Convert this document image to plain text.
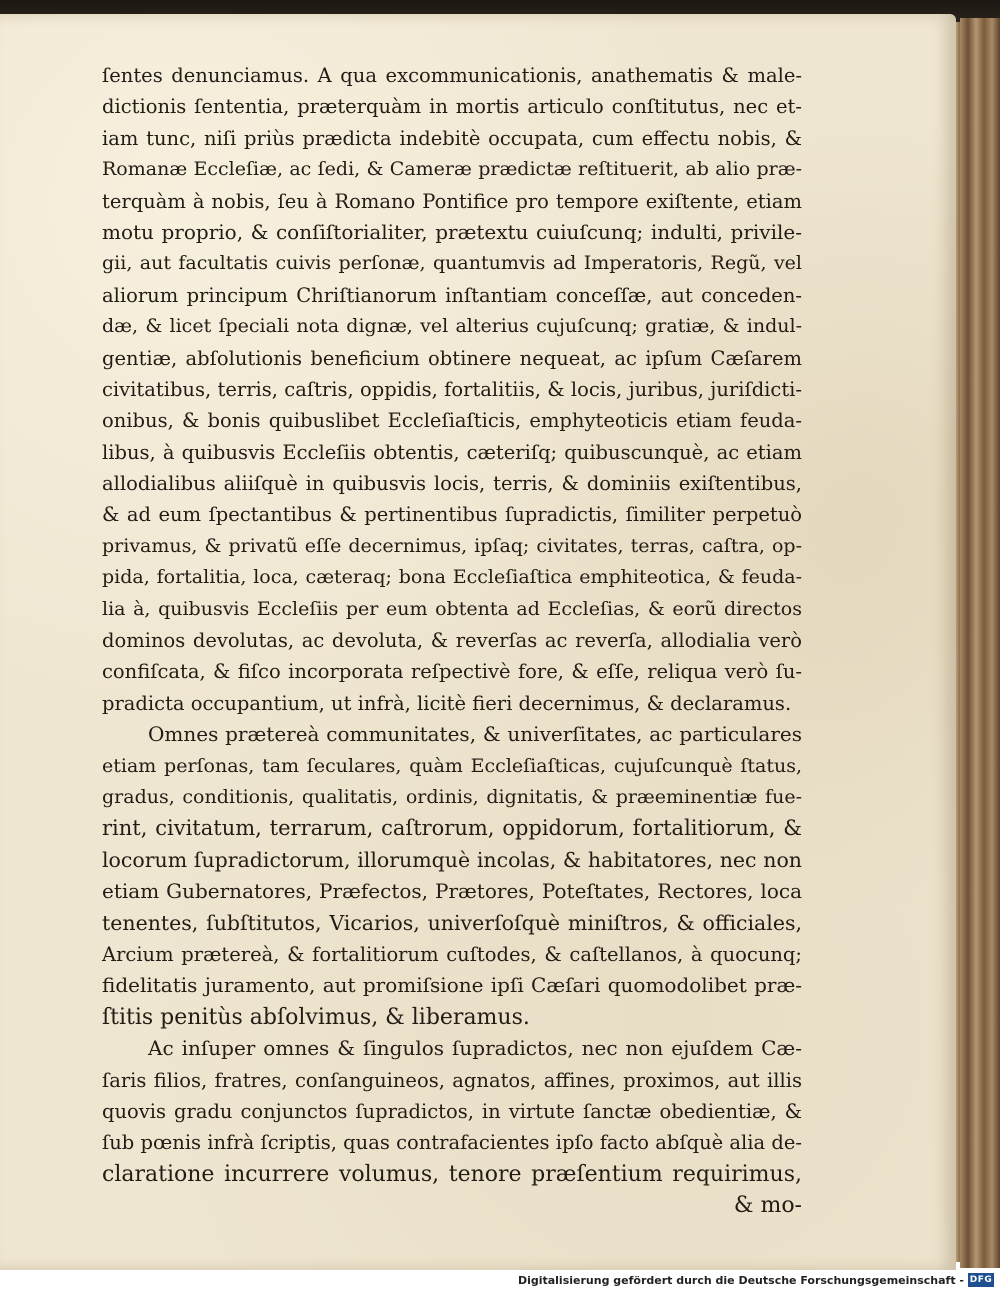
ſentes denunciamus. A qua excommunicationis, anathematis & male-
dictionis ſententia, præterquàm in mortis articulo conſtitutus, nec et-
iam tunc, niſi priùs prædicta indebitè occupata, cum effectu nobis, &
Romanæ Eccleſiæ, ac ſedi, & Cameræ prædictæ reſtituerit, ab alio præ-
terquàm à nobis, ſeu à Romano Pontifice pro tempore exiſtente, etiam
motu proprio, & conſiſtorialiter, prætextu cuiuſcunq; indulti, privile-
gii, aut facultatis cuivis perſonæ, quantumvis ad Imperatoris, Regũ, vel
aliorum principum Chriſtianorum inſtantiam conceſſæ, aut conceden-
dæ, & licet ſpeciali nota dignæ, vel alterius cujuſcunq; gratiæ, & indul-
gentiæ, abſolutionis beneficium obtinere nequeat, ac ipſum Cæſarem
civitatibus, terris, caſtris, oppidis, fortalitiis, & locis, juribus, juriſdicti-
onibus, & bonis quibuslibet Eccleſiaſticis, emphyteoticis etiam feuda-
libus, à quibusvis Eccleſiis obtentis, cæteriſq; quibuscunquè, ac etiam
allodialibus aliiſquè in quibusvis locis, terris, & dominiis exiſtentibus,
& ad eum ſpectantibus & pertinentibus ſupradictis, ſimiliter perpetuò
privamus, & privatũ eſſe decernimus, ipſaq; civitates, terras, caſtra, op-
pida, fortalitia, loca, cæteraq; bona Eccleſiaſtica emphiteotica, & feuda-
lia à, quibusvis Eccleſiis per eum obtenta ad Eccleſias, & eorũ directos
dominos devolutas, ac devoluta, & reverſas ac reverſa, allodialia verò
confiſcata, & fiſco incorporata reſpectivè fore, & eſſe, reliqua verò ſu-
pradicta occupantium, ut infrà, licitè fieri decernimus, & declaramus.
Omnes prætereà communitates, & univerſitates, ac particulares
etiam perſonas, tam ſeculares, quàm Eccleſiaſticas, cujuſcunquè ſtatus,
gradus, conditionis, qualitatis, ordinis, dignitatis, & præeminentiæ fue-
rint, civitatum, terrarum, caſtrorum, oppidorum, fortalitiorum, &
locorum ſupradictorum, illorumquè incolas, & habitatores, nec non
etiam Gubernatores, Præfectos, Prætores, Poteſtates, Rectores, loca
tenentes, ſubſtitutos, Vicarios, univerſoſquè miniſtros, & officiales,
Arcium prætereà, & fortalitiorum cuſtodes, & caſtellanos, à quocunq;
fidelitatis juramento, aut promiſsione ipſi Cæſari quomodolibet præ-
ſtitis penitùs abſolvimus, & liberamus.
Ac inſuper omnes & ſingulos ſupradictos, nec non ejuſdem Cæ-
ſaris filios, fratres, conſanguineos, agnatos, affines, proximos, aut illis
quovis gradu conjunctos ſupradictos, in virtute ſanctæ obedientiæ, &
ſub pœnis infrà ſcriptis, quas contrafacientes ipſo facto abſquè alia de-
claratione incurrere volumus, tenore præſentium requirimus,
& mo-
Digitalisierung gefördert durch die Deutsche Forschungsgemeinschaft - DFG
